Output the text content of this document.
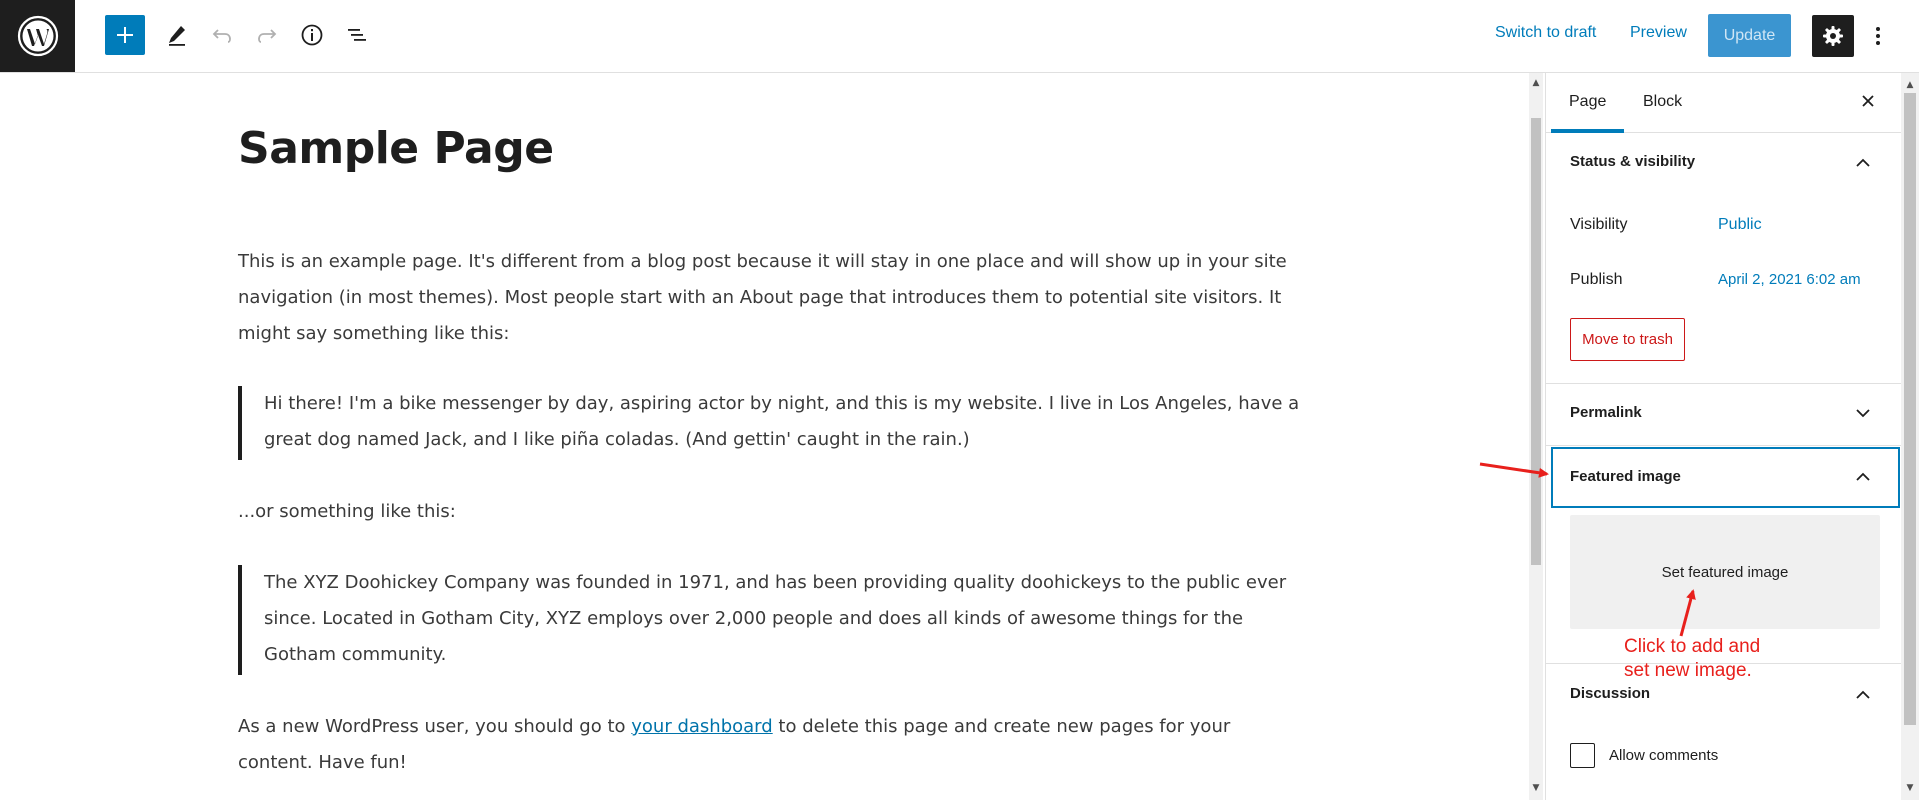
Switch to draft Preview	Update
Sample Page

This is an example page. It's different from a blog post because it will stay in one place and will show up in your site navigation (in most themes). Most people start with an About page that introduces them to potential site visitors. It might say something like this:

Hi there! I'm a bike messenger by day, aspiring actor by night, and this is my website. I live in Los Angeles, have a great dog named Jack, and I like piña coladas. (And gettin' caught in the rain.)

...or something like this:

The XYZ Doohickey Company was founded in 1971, and has been providing quality doohickeys to the public ever since. Located in Gotham City, XYZ employs over 2,000 people and does all kinds of awesome things for the Gotham community.

As a new WordPress user, you should go to your dashboard to delete this page and create new pages for your content. Have fun!

▲
▼
Page Block
Status & visibility
Visibility	Public
Publish	April 2, 2021 6:02 am
Move to trash
Permalink
Featured image
Set featured image
Discussion
Allow comments
▲
▼
Click to add and
set new image.
